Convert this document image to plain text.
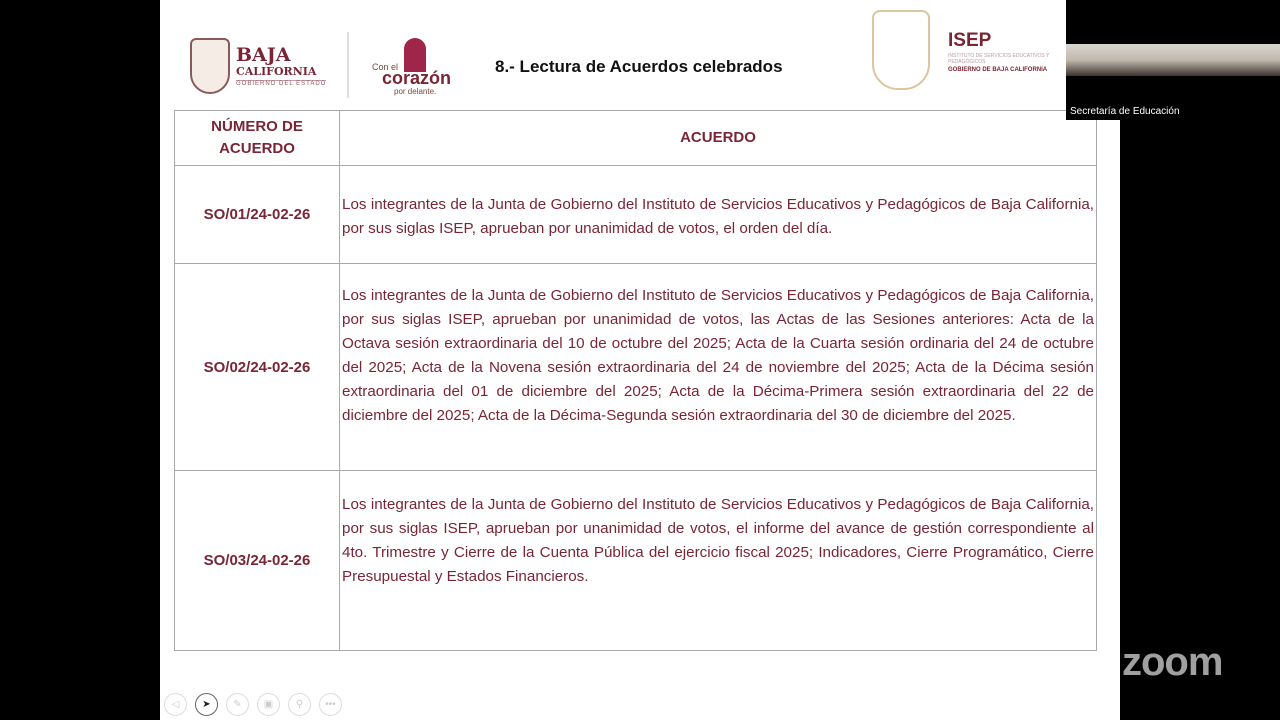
BAJA
CALIFORNIA
GOBIERNO DEL ESTADO
Con el
corazón
por delante.
8.- Lectura de Acuerdos celebrados
ISEP
INSTITUTO DE SERVICIOS EDUCATIVOS Y PEDAGÓGICOS
GOBIERNO DE BAJA CALIFORNIA
NÚMERO DE ACUERDO	ACUERDO
SO/01/24-02-26	Los integrantes de la Junta de Gobierno del Instituto de Servicios Educativos y Pedagógicos de Baja California, por sus siglas ISEP, aprueban por unanimidad de votos, el orden del día.
SO/02/24-02-26	Los integrantes de la Junta de Gobierno del Instituto de Servicios Educativos y Pedagógicos de Baja California, por sus siglas ISEP, aprueban por unanimidad de votos, las Actas de las Sesiones anteriores: Acta de la Octava sesión extraordinaria del 10 de octubre del 2025; Acta de la Cuarta sesión ordinaria del 24 de octubre del 2025; Acta de la Novena sesión extraordinaria del 24 de noviembre del 2025; Acta de la Décima sesión extraordinaria del 01 de diciembre del 2025; Acta de la Décima-Primera sesión extraordinaria del 22 de diciembre del 2025; Acta de la Décima-Segunda sesión extraordinaria del 30 de diciembre del 2025.
SO/03/24-02-26	Los integrantes de la Junta de Gobierno del Instituto de Servicios Educativos y Pedagógicos de Baja California, por sus siglas ISEP, aprueban por unanimidad de votos, el informe del avance de gestión correspondiente al 4to. Trimestre y Cierre de la Cuenta Pública del ejercicio fiscal 2025; Indicadores, Cierre Programático, Cierre Presupuestal y Estados Financieros.
◁	➤	✎	▣	⚲	•••
Secretaría de Educación
zoom
